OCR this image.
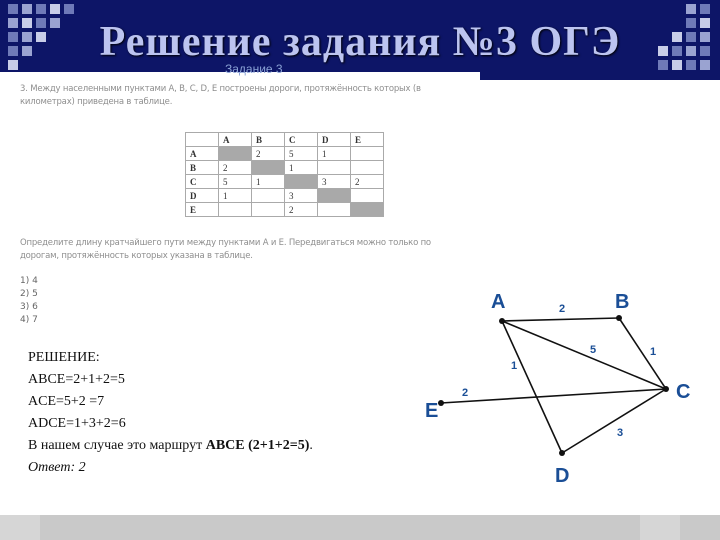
Решение задания №3 ОГЭ
Задание 3
3. Между населенными пунктами A, B, C, D, E построены дороги, протяжённость которых (в
километрах) приведена в таблице.
	A	B	C	D	E
A		2	5	1	
B	2		1		
C	5	1		3	2
D	1		3		
E			2		
Определите длину кратчайшего пути между пунктами A и E. Передвигаться можно только по
дорогам, протяжённость которых указана в таблице.
1) 4
2) 5
3) 6
4) 7
РЕШЕНИЕ:
ABCE=2+1+2=5
ACE=5+2 =7
ADCE=1+3+2=6
В нашем случае это маршрут ABCE (2+1+2=5).
Ответ: 2
A	B
C
D
E
2
5	1
1
3
2
